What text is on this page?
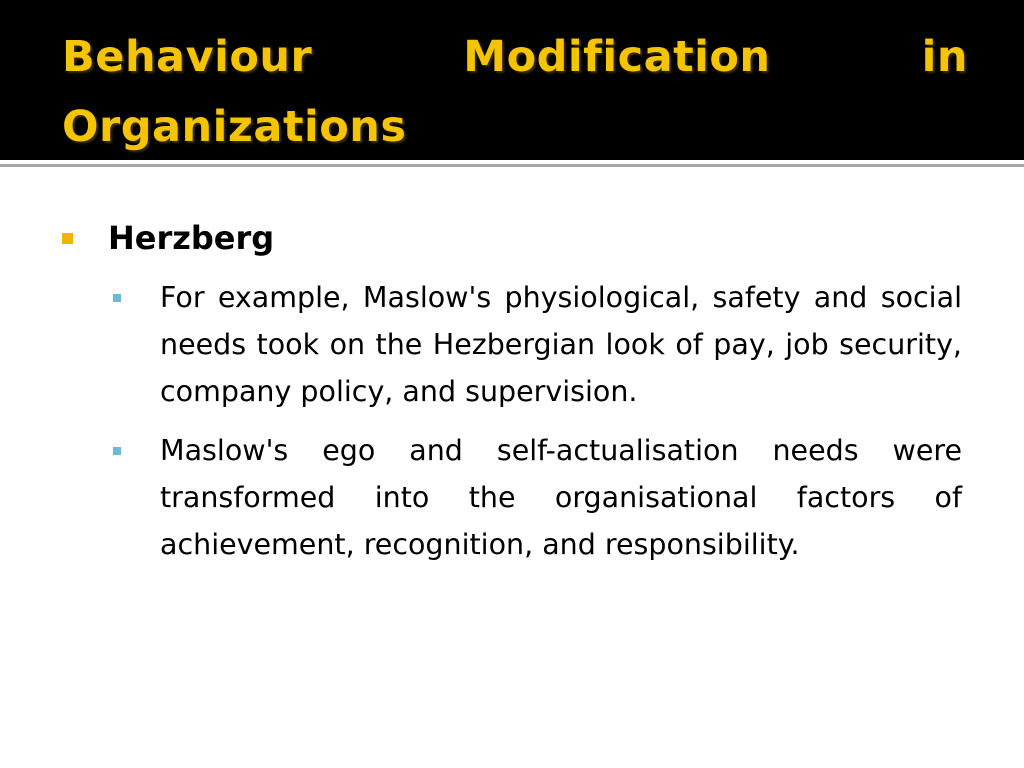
Behaviour Modification in Organizations

Herzberg

For example, Maslow's physiological, safety and social needs took on the Hezbergian look of pay, job security, company policy, and supervision.

Maslow's ego and self-actualisation needs were transformed into the organisational factors of achievement, recognition, and responsibility.
